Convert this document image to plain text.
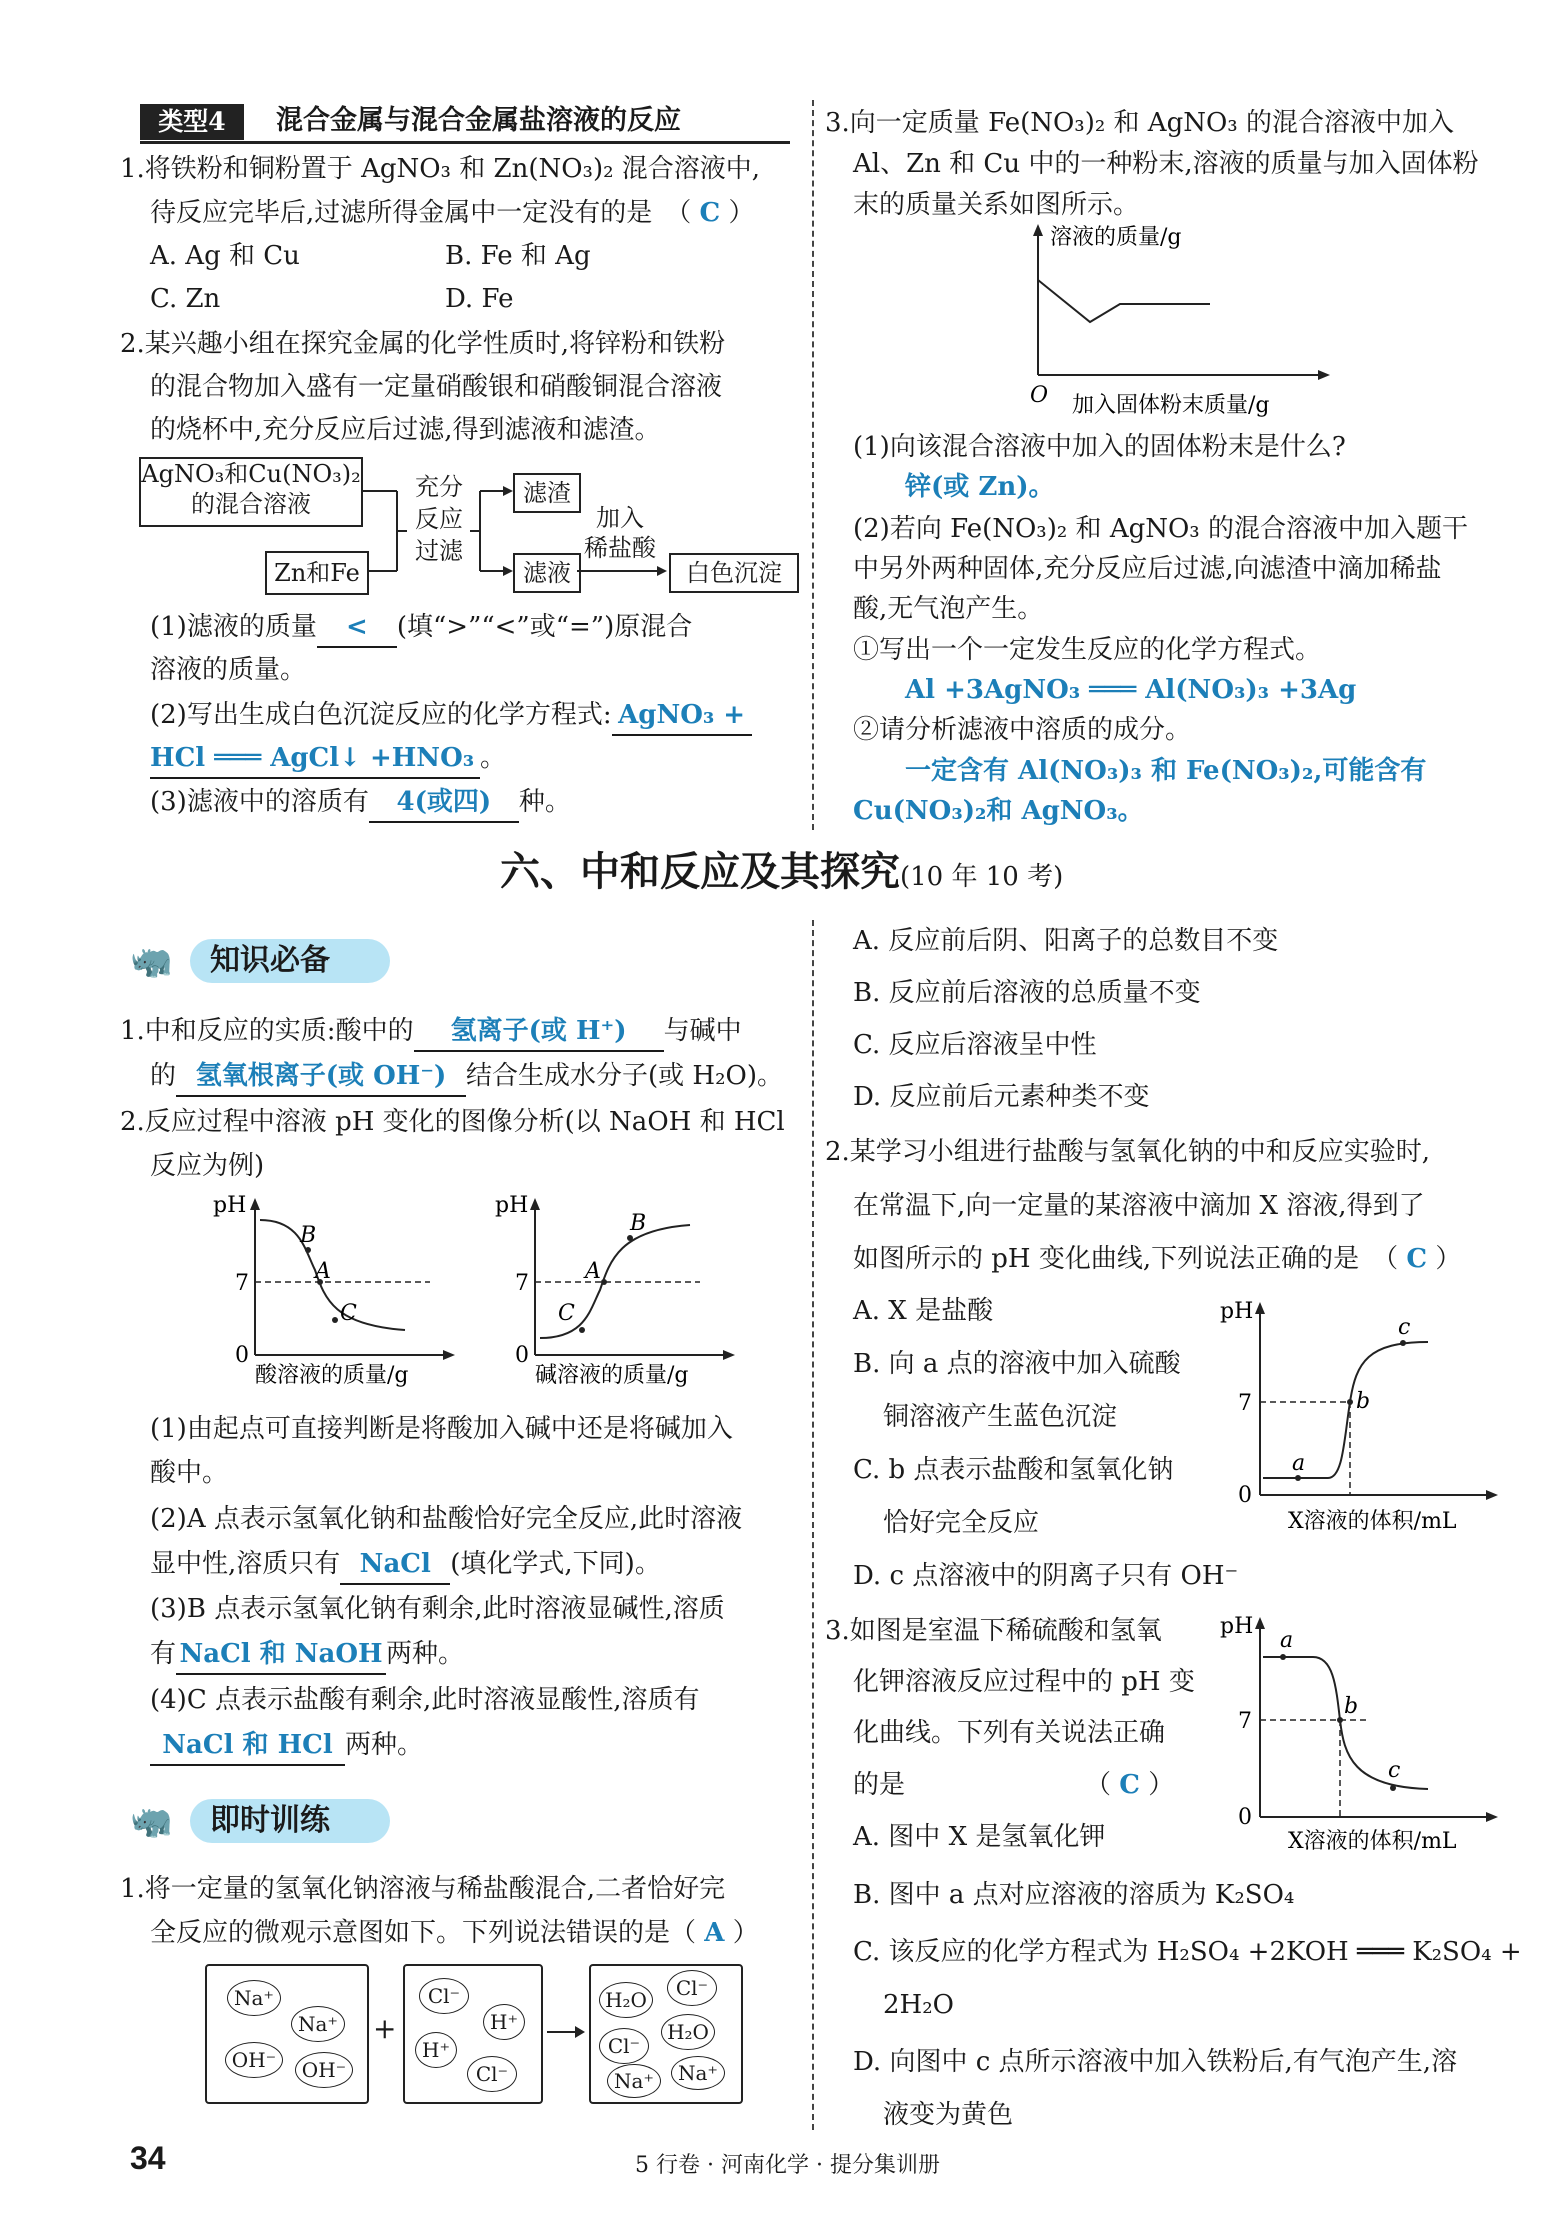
类型4	混合金属与混合金属盐溶液的反应
1.将铁粉和铜粉置于 AgNO₃ 和 Zn(NO₃)₂ 混合溶液中,
待反应完毕后,过滤所得金属中一定没有的是　（ C ）
A. Ag 和 Cu	B. Fe 和 Ag
C. Zn	D. Fe
2.某兴趣小组在探究金属的化学性质时,将锌粉和铁粉
的混合物加入盛有一定量硝酸银和硝酸铜混合溶液
的烧杯中,充分反应后过滤,得到滤液和滤渣。
AgNO₃和Cu(NO₃)₂
的混合溶液
Zn和Fe
充分
反应
过滤
滤渣
滤液
加入
稀盐酸
白色沉淀
(1)滤液的质量 < (填“>”“<”或“=”)原混合
溶液的质量。
(2)写出生成白色沉淀反应的化学方程式: AgNO₃ +
HCl ═══ AgCl↓ +HNO₃ 。
(3)滤液中的溶质有 4(或四) 种。
3.向一定质量 Fe(NO₃)₂ 和 AgNO₃ 的混合溶液中加入
Al、Zn 和 Cu 中的一种粉末,溶液的质量与加入固体粉
末的质量关系如图所示。
溶液的质量/g
O 加入固体粉末质量/g
(1)向该混合溶液中加入的固体粉末是什么?
锌(或 Zn)。
(2)若向 Fe(NO₃)₂ 和 AgNO₃ 的混合溶液中加入题干
中另外两种固体,充分反应后过滤,向滤渣中滴加稀盐
酸,无气泡产生。
①写出一个一定发生反应的化学方程式。
Al +3AgNO₃ ═══ Al(NO₃)₃ +3Ag
②请分析滤液中溶质的成分。
一定含有 Al(NO₃)₃ 和 Fe(NO₃)₂,可能含有
Cu(NO₃)₂和 AgNO₃。
六、中和反应及其探究(10 年 10 考)
🦏	知识必备
1.中和反应的实质:酸中的 氢离子(或 H⁺) 与碱中
的 氢氧根离子(或 OH⁻) 结合生成水分子(或 H₂O)。
2.反应过程中溶液 pH 变化的图像分析(以 NaOH 和 HCl
反应为例)
pH
7
0
B
A
C
酸溶液的质量/g
pH
7
0
B
A
C
碱溶液的质量/g
(1)由起点可直接判断是将酸加入碱中还是将碱加入
酸中。
(2)A 点表示氢氧化钠和盐酸恰好完全反应,此时溶液
显中性,溶质只有 NaCl (填化学式,下同)。
(3)B 点表示氢氧化钠有剩余,此时溶液显碱性,溶质
有 NaCl 和 NaOH 两种。
(4)C 点表示盐酸有剩余,此时溶液显酸性,溶质有
NaCl 和 HCl 两种。
🦏	即时训练
1.将一定量的氢氧化钠溶液与稀盐酸混合,二者恰好完
全反应的微观示意图如下。下列说法错误的是（ A ）
+
Na⁺
Na⁺
OH⁻	OH⁻
Cl⁻
H⁺
H⁺
Cl⁻
H₂O	Cl⁻
Cl⁻
H₂O
Na⁺	Na⁺
A. 反应前后阴、阳离子的总数目不变
B. 反应前后溶液的总质量不变
C. 反应后溶液呈中性
D. 反应前后元素种类不变
2.某学习小组进行盐酸与氢氧化钠的中和反应实验时,
在常温下,向一定量的某溶液中滴加 X 溶液,得到了
如图所示的 pH 变化曲线,下列说法正确的是　（ C ）
A. X 是盐酸
B. 向 a 点的溶液中加入硫酸
铜溶液产生蓝色沉淀
C. b 点表示盐酸和氢氧化钠
恰好完全反应
D. c 点溶液中的阴离子只有 OH⁻
pH
7
0
a
b
c
X溶液的体积/mL
3.如图是室温下稀硫酸和氢氧
化钾溶液反应过程中的 pH 变
化曲线。下列有关说法正确
的是	（ C ）
pH
7
0
a
b
c
X溶液的体积/mL
A. 图中 X 是氢氧化钾
B. 图中 a 点对应溶液的溶质为 K₂SO₄
C. 该反应的化学方程式为 H₂SO₄ +2KOH ═══ K₂SO₄ +
2H₂O
D. 向图中 c 点所示溶液中加入铁粉后,有气泡产生,溶
液变为黄色
34	5 行卷 · 河南化学 · 提分集训册
